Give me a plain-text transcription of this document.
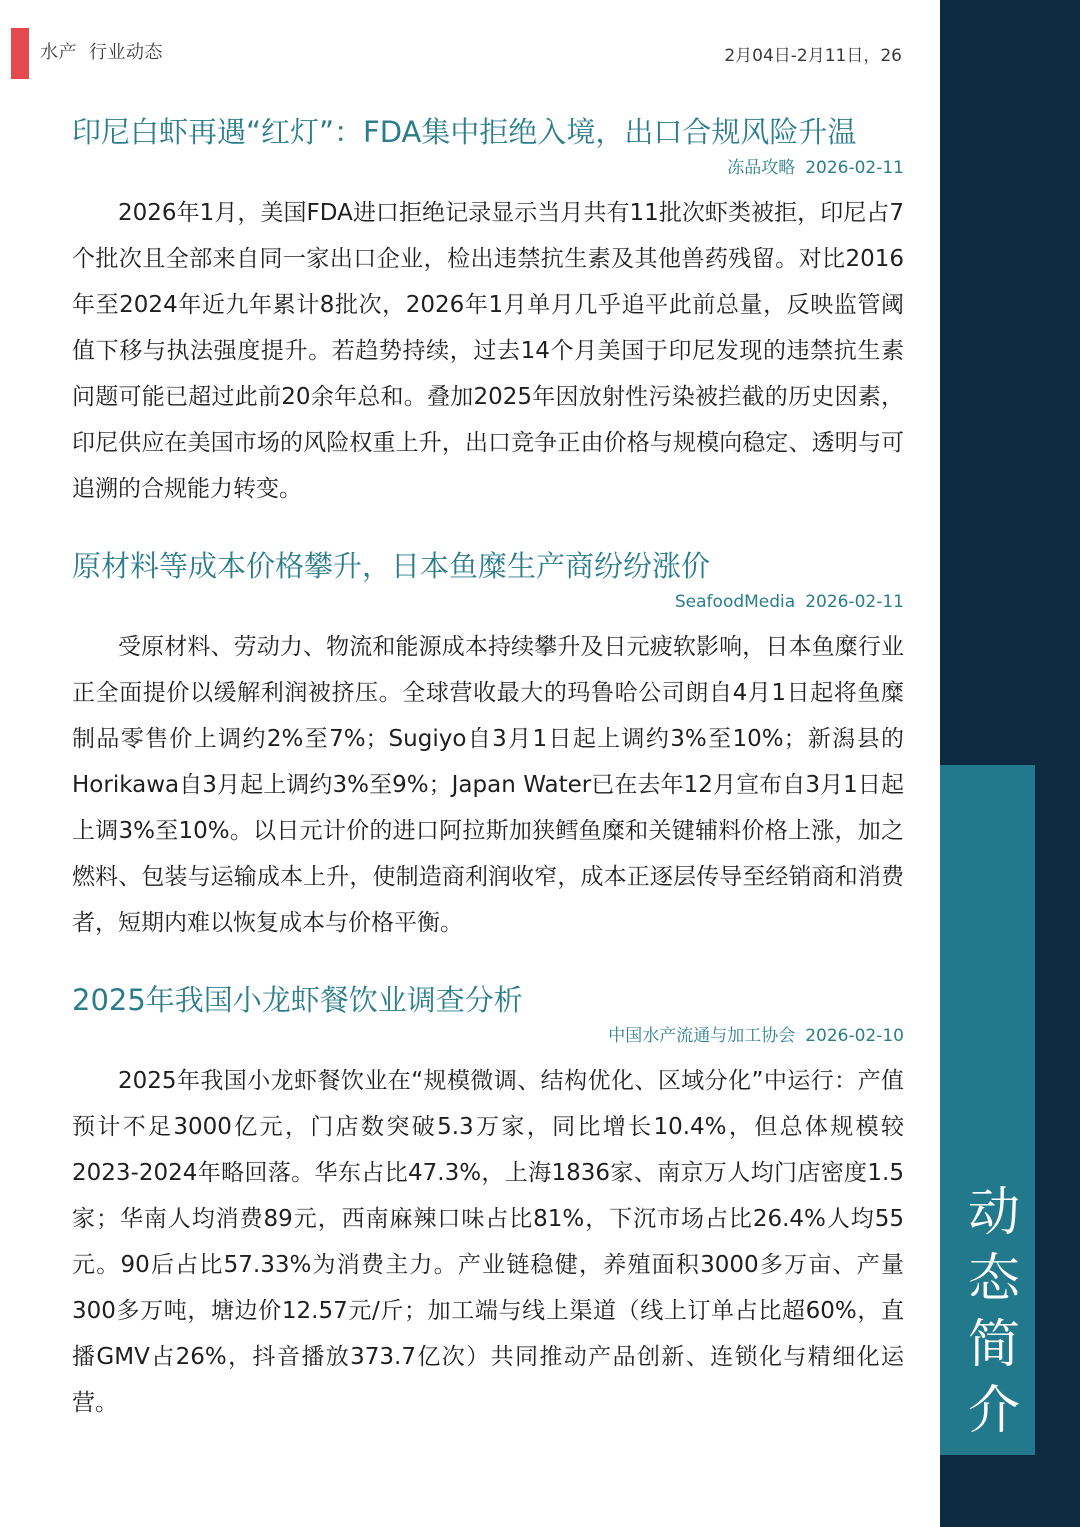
水产 行业动态	2月04日-2月11日，26
动
态
简
介
印尼白虾再遇“红灯”：FDA集中拒绝入境，出口合规风险升温
冻品攻略 2026-02-11

2026年1月，美国FDA进口拒绝记录显示当月共有11批次虾类被拒，印尼占7个批次且全部来自同一家出口企业，检出违禁抗生素及其他兽药残留。对比2016年至2024年近九年累计8批次，2026年1月单月几乎追平此前总量，反映监管阈值下移与执法强度提升。若趋势持续，过去14个月美国于印尼发现的违禁抗生素问题可能已超过此前20余年总和。叠加2025年因放射性污染被拦截的历史因素，印尼供应在美国市场的风险权重上升，出口竞争正由价格与规模向稳定、透明与可追溯的合规能力转变。

原材料等成本价格攀升，日本鱼糜生产商纷纷涨价
SeafoodMedia 2026-02-11

受原材料、劳动力、物流和能源成本持续攀升及日元疲软影响，日本鱼糜行业正全面提价以缓解利润被挤压。全球营收最大的玛鲁哈公司朗自4月1日起将鱼糜制品零售价上调约2%至7%；Sugiyo自3月1日起上调约3%至10%；新潟县的Horikawa自3月起上调约3%至9%；Japan Water已在去年12月宣布自3月1日起上调3%至10%。以日元计价的进口阿拉斯加狭鳕鱼糜和关键辅料价格上涨，加之燃料、包装与运输成本上升，使制造商利润收窄，成本正逐层传导至经销商和消费者，短期内难以恢复成本与价格平衡。

2025年我国小龙虾餐饮业调查分析
中国水产流通与加工协会 2026-02-10

2025年我国小龙虾餐饮业在“规模微调、结构优化、区域分化”中运行：产值预计不足3000亿元，门店数突破5.3万家，同比增长10.4%，但总体规模较2023-2024年略回落。华东占比47.3%，上海1836家、南京万人均门店密度1.5家；华南人均消费89元，西南麻辣口味占比81%，下沉市场占比26.4%人均55元。90后占比57.33%为消费主力。产业链稳健，养殖面积3000多万亩、产量300多万吨，塘边价12.57元/斤；加工端与线上渠道（线上订单占比超60%，直播GMV占26%，抖音播放373.7亿次）共同推动产品创新、连锁化与精细化运营。
